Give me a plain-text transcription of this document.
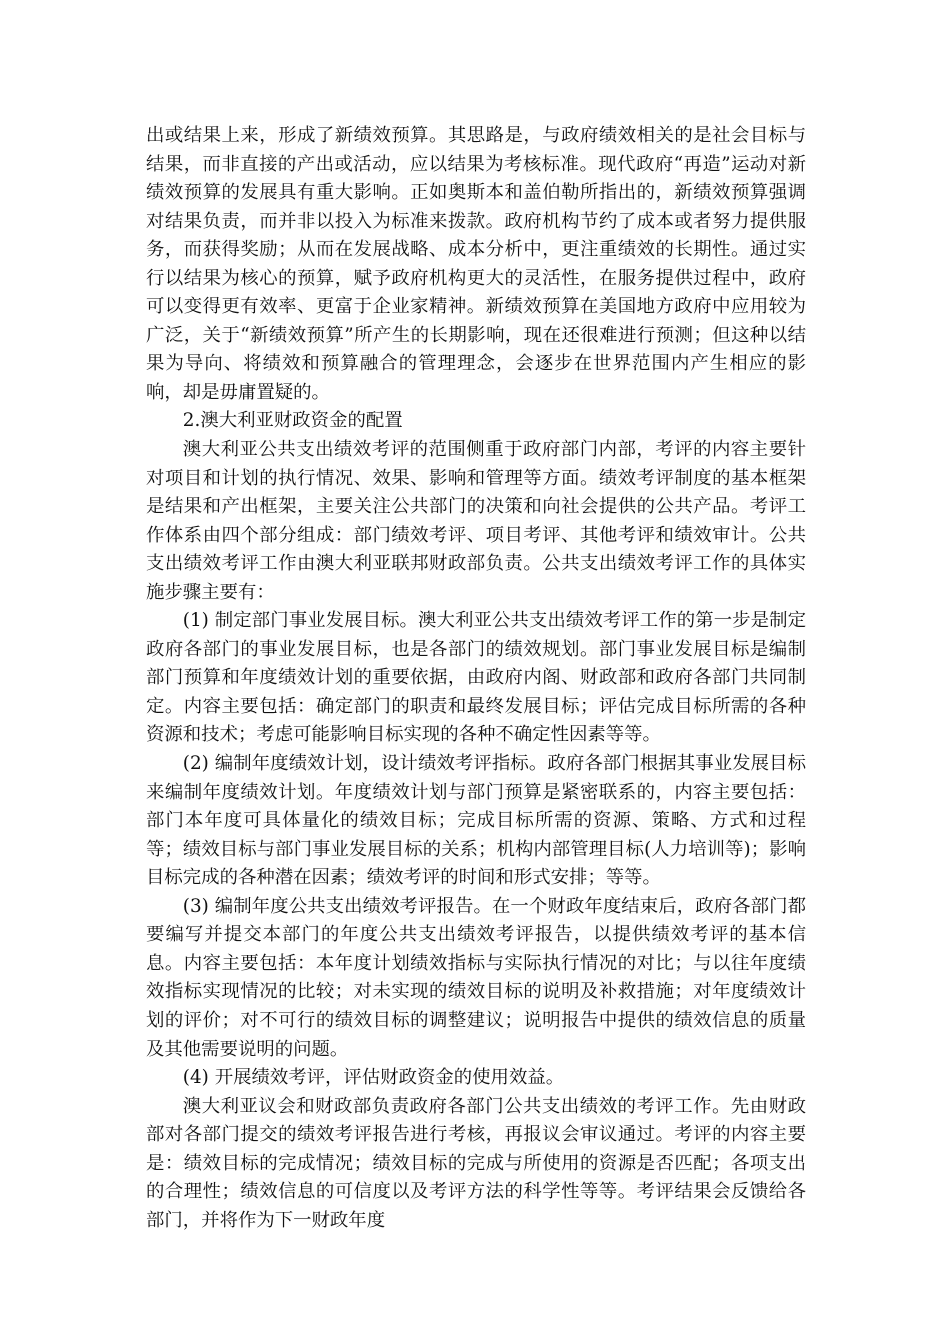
出或结果上来，形成了新绩效预算。其思路是，与政府绩效相关的是社会目标与结果，而非直接的产出或活动，应以结果为考核标准。现代政府“再造”运动对新绩效预算的发展具有重大影响。正如奥斯本和盖伯勒所指出的，新绩效预算强调对结果负责，而并非以投入为标准来拨款。政府机构节约了成本或者努力提供服务，而获得奖励；从而在发展战略、成本分析中，更注重绩效的长期性。通过实行以结果为核心的预算，赋予政府机构更大的灵活性，在服务提供过程中，政府可以变得更有效率、更富于企业家精神。新绩效预算在美国地方政府中应用较为广泛，关于“新绩效预算”所产生的长期影响，现在还很难进行预测；但这种以结果为导向、将绩效和预算融合的管理理念，会逐步在世界范围内产生相应的影响，却是毋庸置疑的。

2.澳大利亚财政资金的配置

澳大利亚公共支出绩效考评的范围侧重于政府部门内部，考评的内容主要针对项目和计划的执行情况、效果、影响和管理等方面。绩效考评制度的基本框架是结果和产出框架，主要关注公共部门的决策和向社会提供的公共产品。考评工作体系由四个部分组成：部门绩效考评、项目考评、其他考评和绩效审计。公共支出绩效考评工作由澳大利亚联邦财政部负责。公共支出绩效考评工作的具体实施步骤主要有：

(1) 制定部门事业发展目标。澳大利亚公共支出绩效考评工作的第一步是制定政府各部门的事业发展目标，也是各部门的绩效规划。部门事业发展目标是编制部门预算和年度绩效计划的重要依据，由政府内阁、财政部和政府各部门共同制定。内容主要包括：确定部门的职责和最终发展目标；评估完成目标所需的各种资源和技术；考虑可能影响目标实现的各种不确定性因素等等。

(2) 编制年度绩效计划，设计绩效考评指标。政府各部门根据其事业发展目标来编制年度绩效计划。年度绩效计划与部门预算是紧密联系的，内容主要包括：部门本年度可具体量化的绩效目标；完成目标所需的资源、策略、方式和过程等；绩效目标与部门事业发展目标的关系；机构内部管理目标(人力培训等)；影响目标完成的各种潜在因素；绩效考评的时间和形式安排；等等。

(3) 编制年度公共支出绩效考评报告。在一个财政年度结束后，政府各部门都要编写并提交本部门的年度公共支出绩效考评报告，以提供绩效考评的基本信息。内容主要包括：本年度计划绩效指标与实际执行情况的对比；与以往年度绩效指标实现情况的比较；对未实现的绩效目标的说明及补救措施；对年度绩效计划的评价；对不可行的绩效目标的调整建议；说明报告中提供的绩效信息的质量及其他需要说明的问题。

(4) 开展绩效考评，评估财政资金的使用效益。

澳大利亚议会和财政部负责政府各部门公共支出绩效的考评工作。先由财政部对各部门提交的绩效考评报告进行考核，再报议会审议通过。考评的内容主要是：绩效目标的完成情况；绩效目标的完成与所使用的资源是否匹配；各项支出的合理性；绩效信息的可信度以及考评方法的科学性等等。考评结果会反馈给各部门，并将作为下一财政年度
